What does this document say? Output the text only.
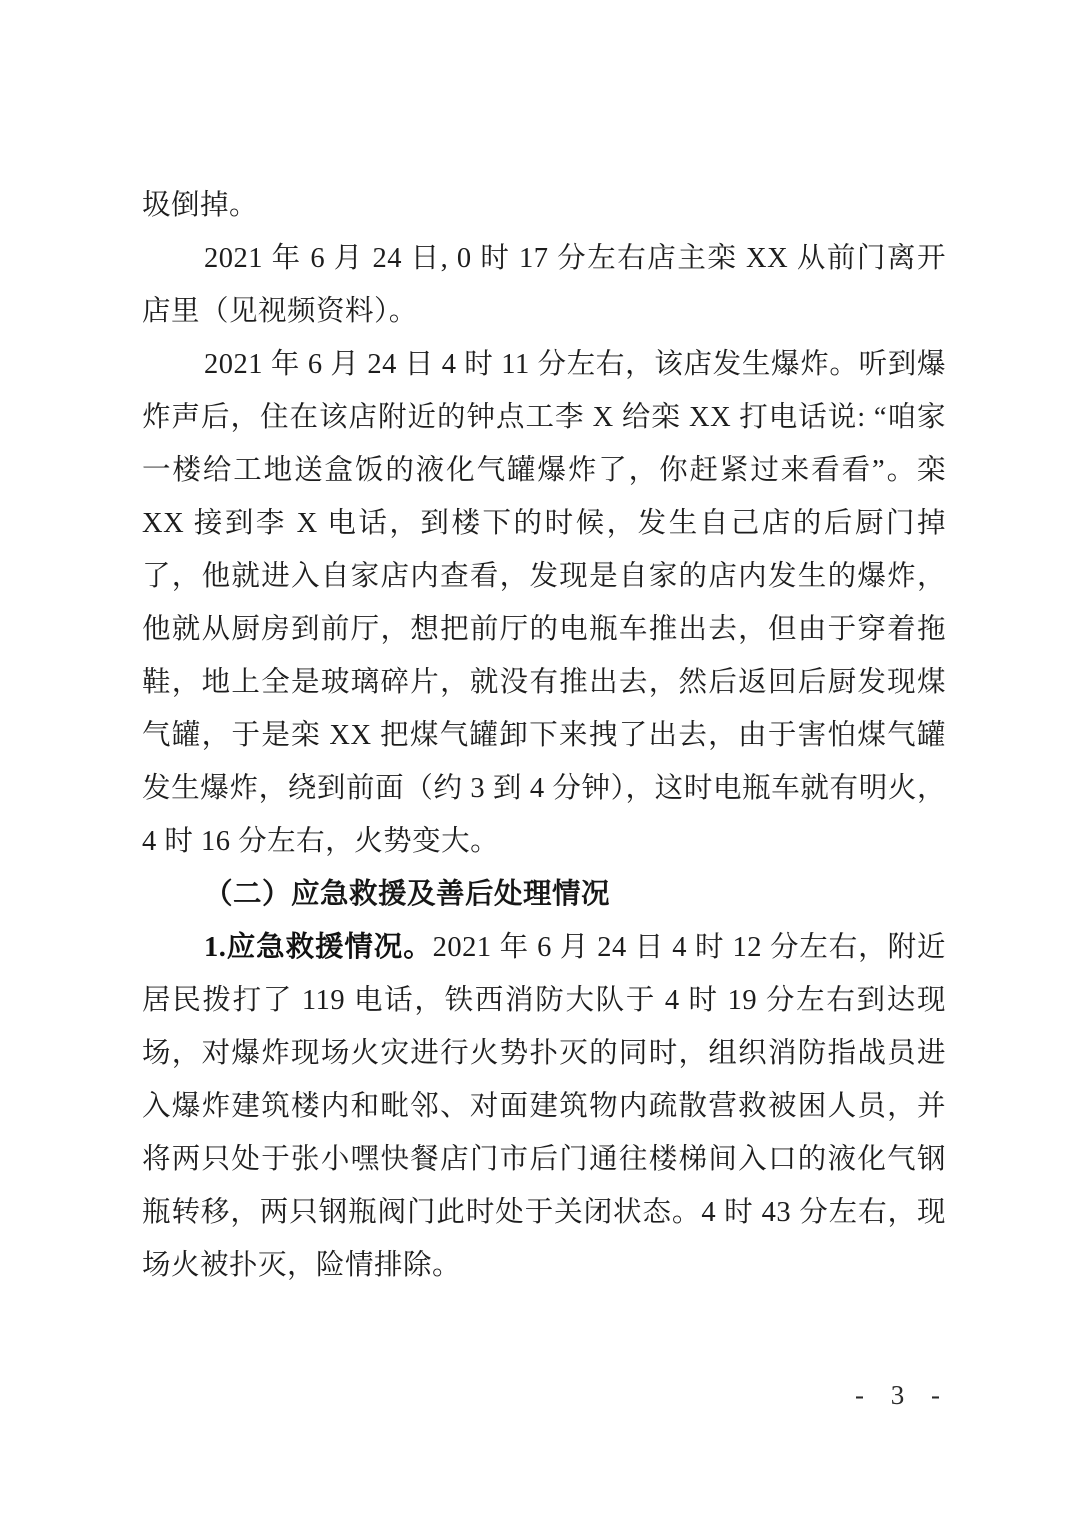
圾倒掉。

2021 年 6 月 24 日, 0 时 17 分左右店主栾 XX 从前门离开店里（见视频资料）。

2021 年 6 月 24 日 4 时 11 分左右，该店发生爆炸。听到爆炸声后，住在该店附近的钟点工李 X 给栾 XX 打电话说: “咱家一楼给工地送盒饭的液化气罐爆炸了，你赶紧过来看看”。栾 XX 接到李 X 电话，到楼下的时候，发生自己店的后厨门掉了，他就进入自家店内查看，发现是自家的店内发生的爆炸，他就从厨房到前厅，想把前厅的电瓶车推出去，但由于穿着拖鞋，地上全是玻璃碎片，就没有推出去，然后返回后厨发现煤气罐，于是栾 XX 把煤气罐卸下来拽了出去，由于害怕煤气罐发生爆炸，绕到前面（约 3 到 4 分钟），这时电瓶车就有明火，4 时 16 分左右，火势变大。

（二）应急救援及善后处理情况

1.应急救援情况。2021 年 6 月 24 日 4 时 12 分左右，附近居民拨打了 119 电话，铁西消防大队于 4 时 19 分左右到达现场，对爆炸现场火灾进行火势扑灭的同时，组织消防指战员进入爆炸建筑楼内和毗邻、对面建筑物内疏散营救被困人员，并将两只处于张小嘿快餐店门市后门通往楼梯间入口的液化气钢瓶转移，两只钢瓶阀门此时处于关闭状态。4 时 43 分左右，现场火被扑灭，险情排除。

- 3 -
